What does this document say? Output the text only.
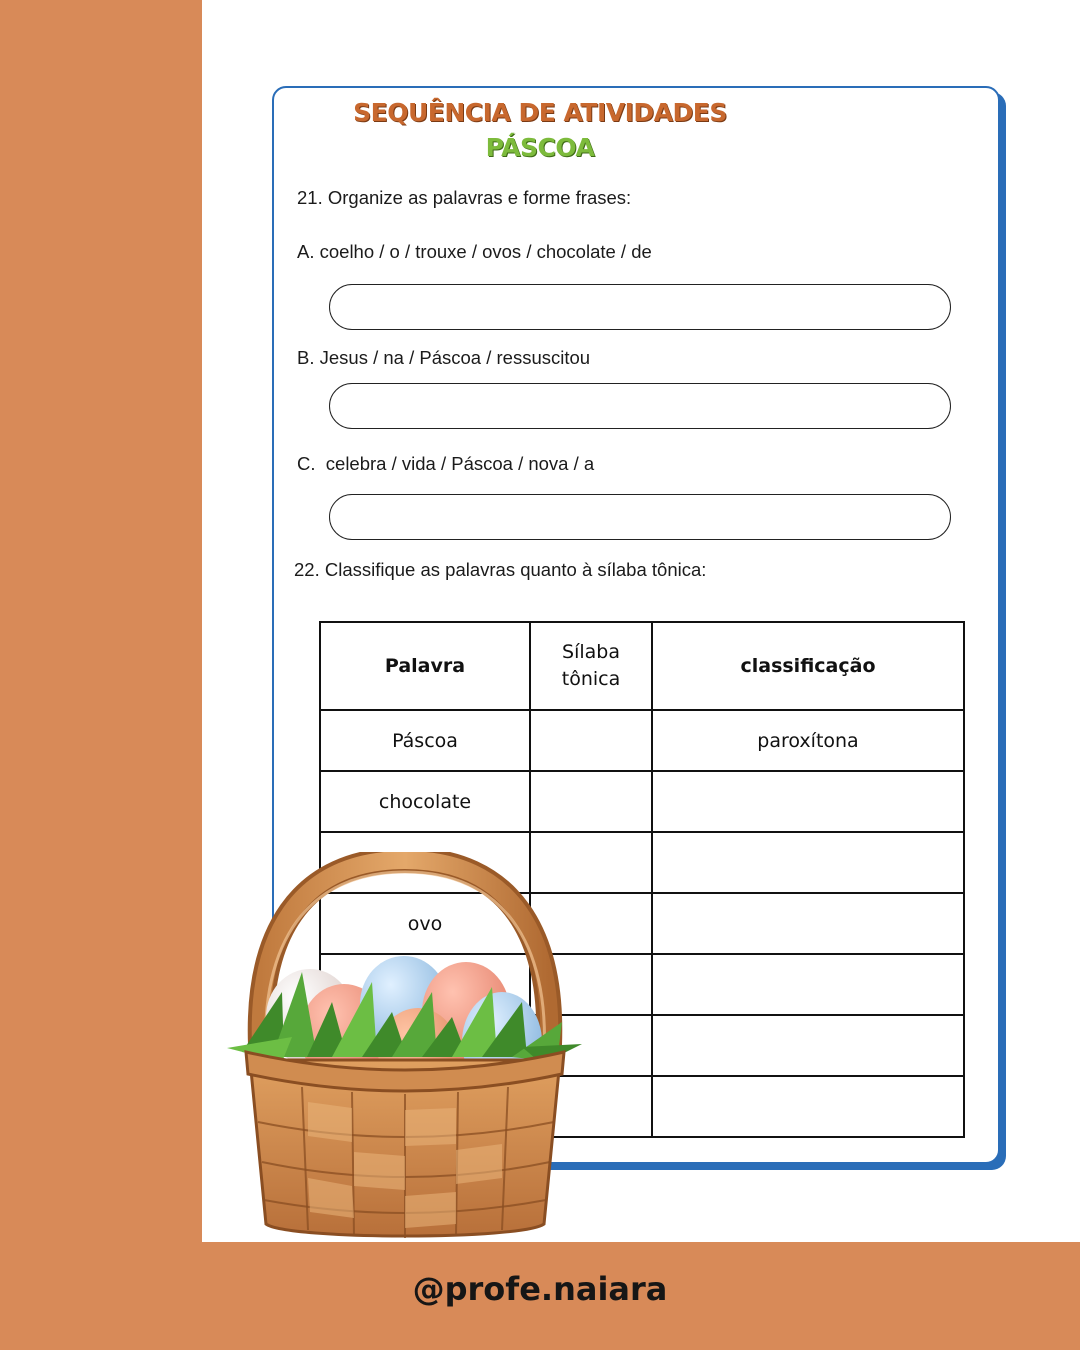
SEQUÊNCIA DE ATIVIDADES
PÁSCOA
21. Organize as palavras e forme frases:
A. coelho / o / trouxe / ovos / chocolate / de
B. Jesus / na / Páscoa / ressuscitou
C.  celebra / vida / Páscoa / nova / a
22. Classifique as palavras quanto à sílaba tônica:
Palavra	Sílaba tônica	classificação
Páscoa		paroxítona
chocolate		

ovo		

@profe.naiara
